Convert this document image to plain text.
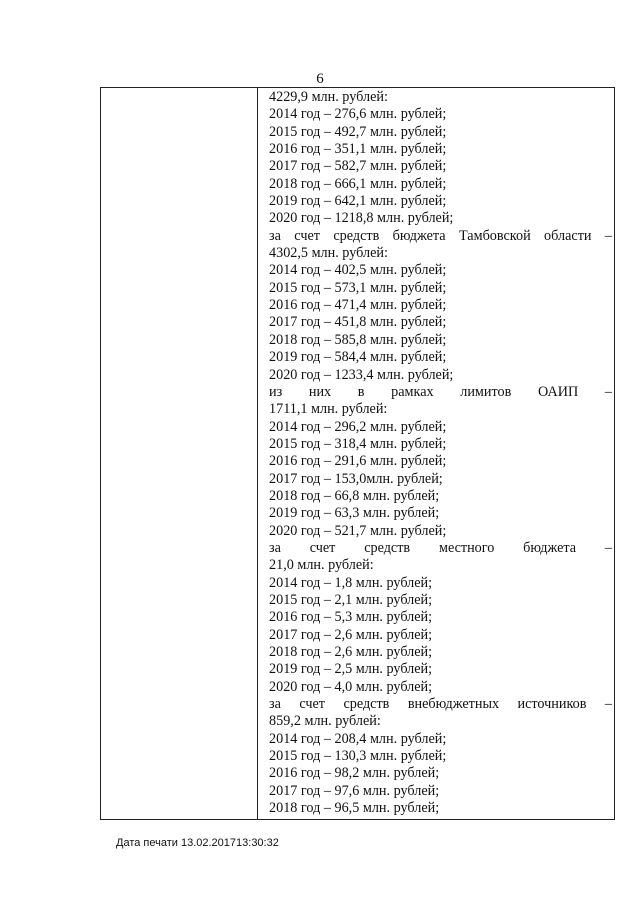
6
4229,9 млн. рублей:
2014 год – 276,6 млн. рублей;
2015 год – 492,7 млн. рублей;
2016 год – 351,1 млн. рублей;
2017 год – 582,7 млн. рублей;
2018 год – 666,1 млн. рублей;
2019 год – 642,1 млн. рублей;
2020 год – 1218,8 млн. рублей;
за счет средств бюджета Тамбовской области –
4302,5 млн. рублей:
2014 год – 402,5 млн. рублей;
2015 год – 573,1 млн. рублей;
2016 год – 471,4 млн. рублей;
2017 год – 451,8 млн. рублей;
2018 год – 585,8 млн. рублей;
2019 год – 584,4 млн. рублей;
2020 год – 1233,4 млн. рублей;
из них в рамках лимитов ОАИП –
1711,1 млн. рублей:
2014 год – 296,2 млн. рублей;
2015 год – 318,4 млн. рублей;
2016 год – 291,6 млн. рублей;
2017 год – 153,0млн. рублей;
2018 год – 66,8 млн. рублей;
2019 год – 63,3 млн. рублей;
2020 год – 521,7 млн. рублей;
за счет средств местного бюджета –
21,0 млн. рублей:
2014 год – 1,8 млн. рублей;
2015 год – 2,1 млн. рублей;
2016 год – 5,3 млн. рублей;
2017 год – 2,6 млн. рублей;
2018 год – 2,6 млн. рублей;
2019 год – 2,5 млн. рублей;
2020 год – 4,0 млн. рублей;
за счет средств внебюджетных источников –
859,2 млн. рублей:
2014 год – 208,4 млн. рублей;
2015 год – 130,3 млн. рублей;
2016 год – 98,2 млн. рублей;
2017 год – 97,6 млн. рублей;
2018 год – 96,5 млн. рублей;
Дата печати 13.02.201713:30:32
